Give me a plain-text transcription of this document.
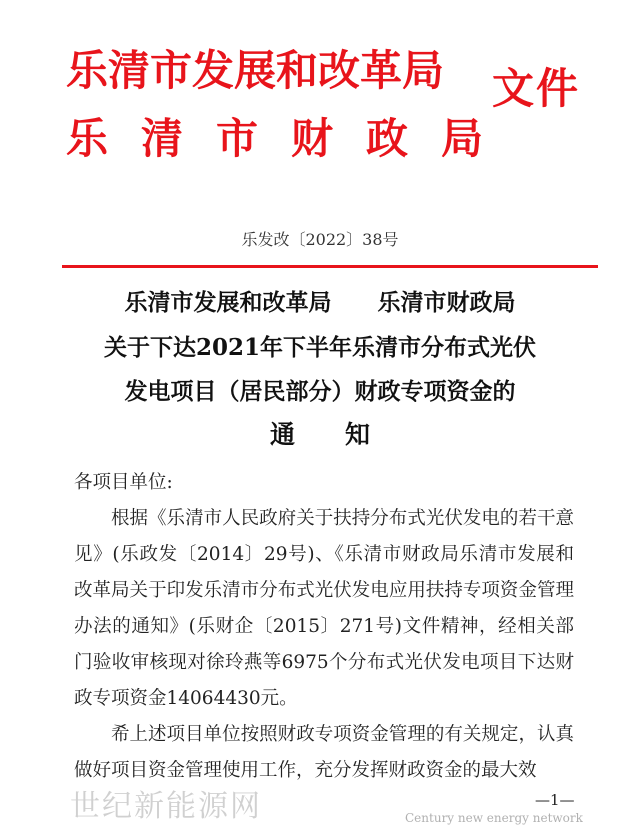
乐清市发展和改革局
乐清市财政局
文件
乐发改〔2022〕38号
乐清市发展和改革局　　乐清市财政局
关于下达2021年下半年乐清市分布式光伏
发电项目（居民部分）财政专项资金的
通　　知
各项目单位:
根据《乐清市人民政府关于扶持分布式光伏发电的若干意见》(乐政发〔2014〕29号)、《乐清市财政局乐清市发展和改革局关于印发乐清市分布式光伏发电应用扶持专项资金管理办法的通知》(乐财企〔2015〕271号)文件精神，经相关部门验收审核现对徐玲燕等6975个分布式光伏发电项目下达财政专项资金14064430元。
希上述项目单位按照财政专项资金管理的有关规定，认真做好项目资金管理使用工作，充分发挥财政资金的最大效
世纪新能源网	—1—
Century new energy network
